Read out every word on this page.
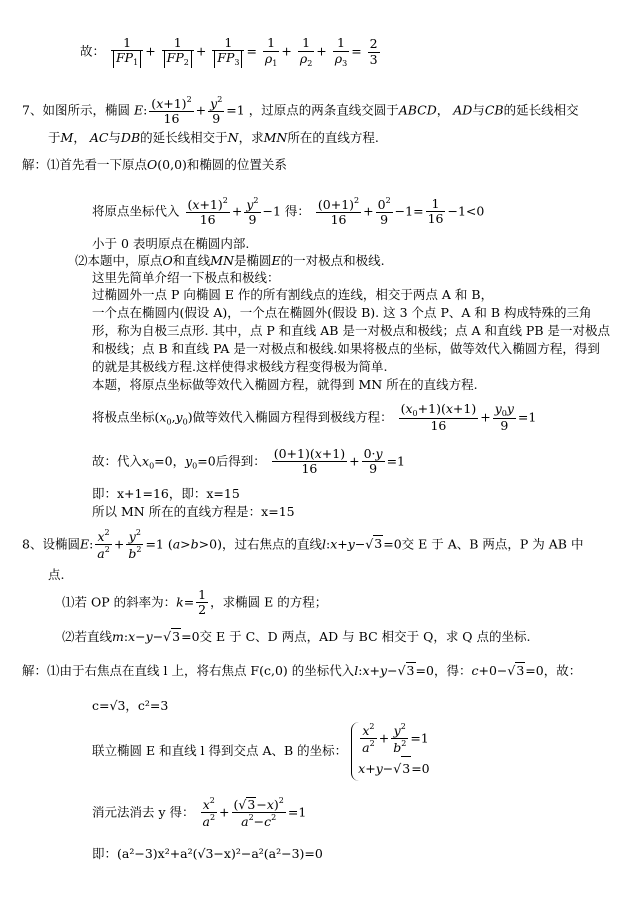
故： $\frac{1}{FP_1} + \frac{1}{FP_2} + \frac{1}{FP_3} = \frac{1}{\rho_1} + \frac{1}{\rho_2} + \frac{1}{\rho_3} = \frac{2}{3}$
7、如图所示，椭圆 E: $\frac{(x+1)^2}{16} + \frac{y^2}{9} =1$ ，过原点的两条直线交圆于ABCD， AD与CB的延长线相交
于M， AC与DB的延长线相交于N，求MN所在的直线方程.
解：⑴首先看一下原点O(0,0)和椭圆的位置关系
将原点坐标代入 $\frac{(x+1)^2}{16} + \frac{y^2}{9} -1$ 得： $\frac{(0+1)^2}{16} + \frac{0^2}{9} -1= \frac{1}{16} -1<0$
小于 0 表明原点在椭圆内部.
⑵本题中，原点O和直线MN是椭圆E的一对极点和极线.
这里先简单介绍一下极点和极线：
过椭圆外一点 P 向椭圆 E 作的所有割线点的连线，相交于两点 A 和 B，
一个点在椭圆内(假设 A)，一个点在椭圆外(假设 B). 这 3 个点 P、A 和 B 构成特殊的三角
形，称为自极三点形. 其中，点 P 和直线 AB 是一对极点和极线；点 A 和直线 PB 是一对极点
和极线；点 B 和直线 PA 是一对极点和极线.如果将极点的坐标，做等效代入椭圆方程，得到
的就是其极线方程.这样使得求极线方程变得极为简单.
本题，将原点坐标做等效代入椭圆方程，就得到 MN 所在的直线方程.
将极点坐标$(x_0,y_0)$做等效代入椭圆方程得到极线方程： $\frac{(x_0+1)(x+1)}{16} + \frac{y_0y}{9} =1$
故：代入$x_0=0$，$y_0=0$后得到： $\frac{(0+1)(x+1)}{16} + \frac{0\cdot y}{9} =1$
即：x+1=16，即：x=15
所以 MN 所在的直线方程是：x=15
8、设椭圆E: $\frac{x^2}{a^2} + \frac{y^2}{b^2} =1$ (a>b>0)，过右焦点的直线l:x+y−√3=0交 E 于 A、B 两点，P 为 AB 中
点.
⑴若 OP 的斜率为：$k= \frac{1}{2}$ ，求椭圆 E 的方程；
⑵若直线m:x−y−√3=0交 E 于 C、D 两点，AD 与 BC 相交于 Q，求 Q 点的坐标.
解：⑴由于右焦点在直线 l 上，将右焦点 F(c,0) 的坐标代入l:x+y−√3=0，得：c+0−√3=0，故：
c=√3，c²=3
联立椭圆 E 和直线 l 得到交点 A、B 的坐标： $\frac{x^2}{a^2} + \frac{y^2}{b^2} =1$
x+y−√3=0
消元法消去 y 得： $\frac{x^2}{a^2} + \frac{(√3-x)^2}{a^2-c^2} =1$
即：(a²−3)x²+a²(√3−x)²−a²(a²−3)=0
